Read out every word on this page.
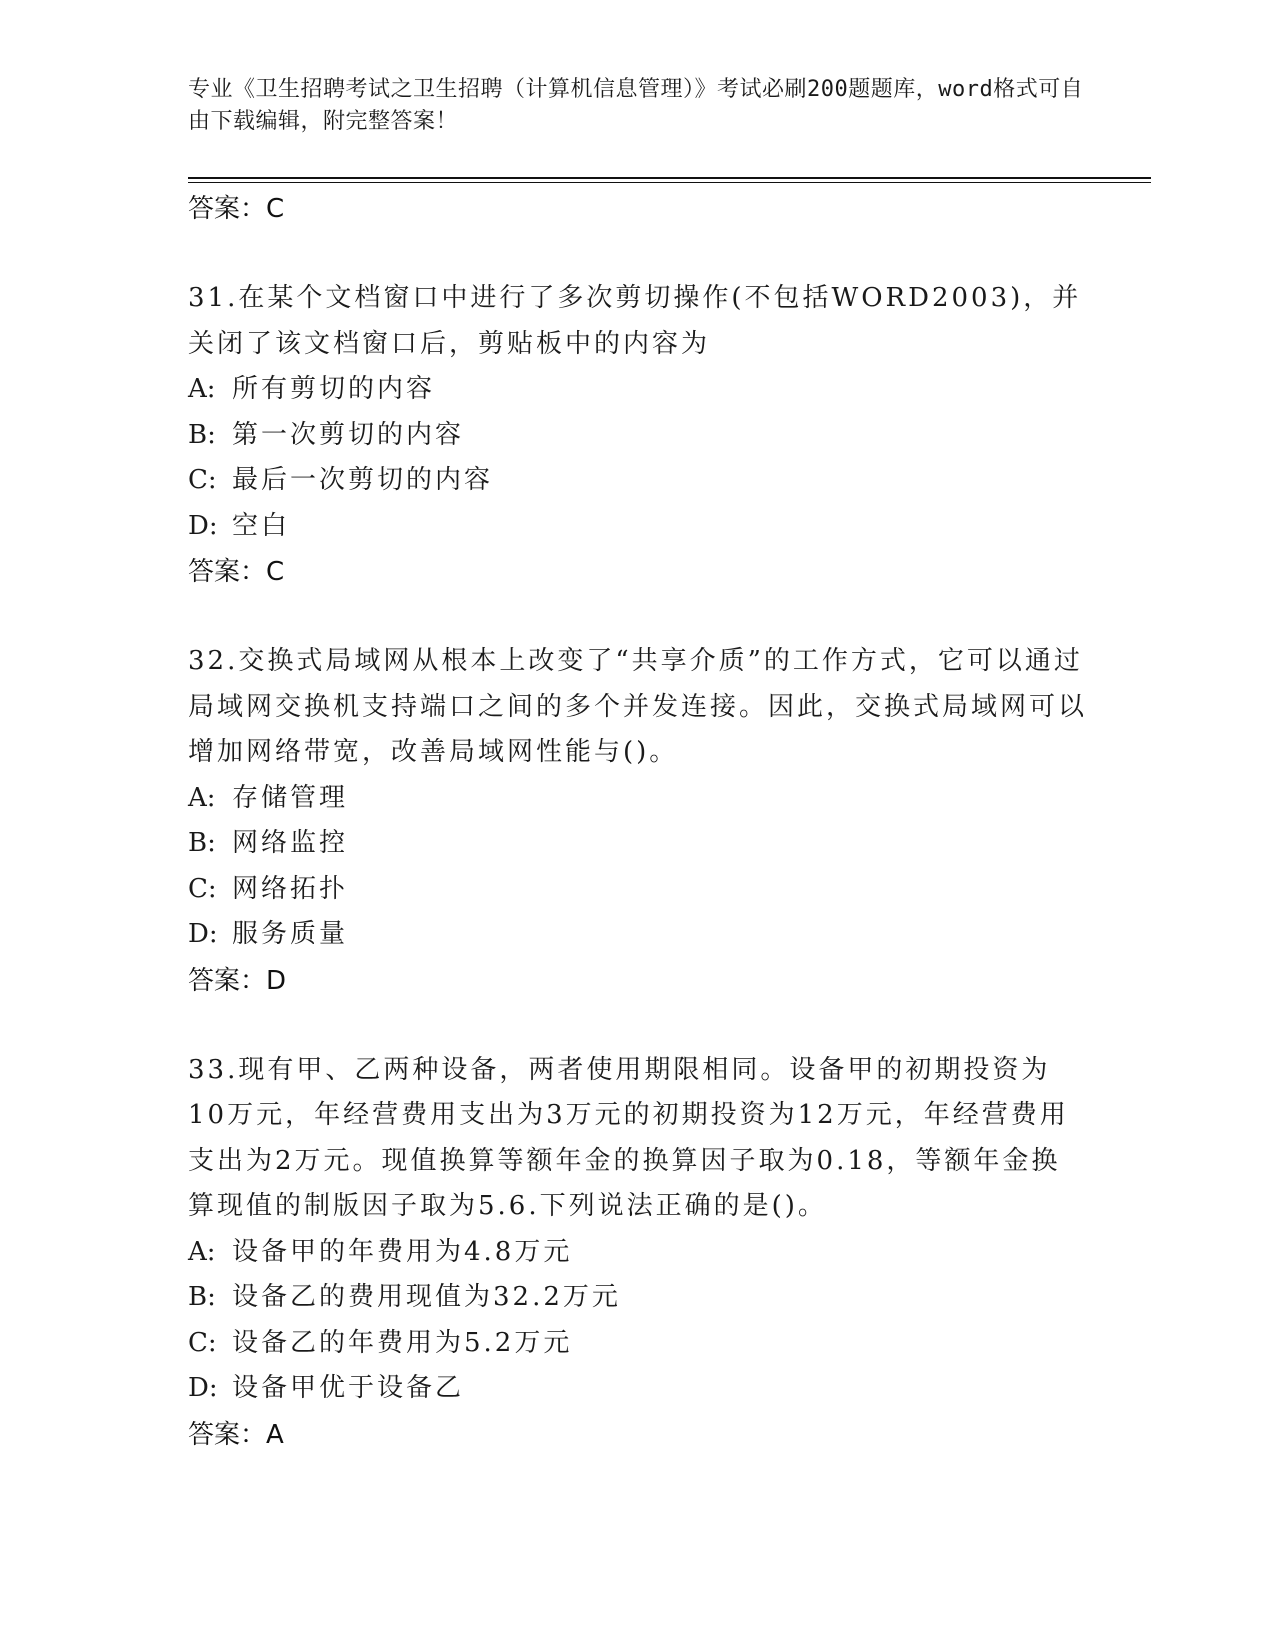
专业《卫生招聘考试之卫生招聘（计算机信息管理）》考试必刷200题题库，word格式可自由下载编辑，附完整答案！

答案：C

31.在某个文档窗口中进行了多次剪切操作(不包括WORD2003)，并关闭了该文档窗口后，剪贴板中的内容为

A: 所有剪切的内容

B: 第一次剪切的内容

C: 最后一次剪切的内容

D: 空白

答案：C

32.交换式局域网从根本上改变了“共享介质”的工作方式，它可以通过局域网交换机支持端口之间的多个并发连接。因此，交换式局域网可以增加网络带宽，改善局域网性能与()。

A: 存储管理

B: 网络监控

C: 网络拓扑

D: 服务质量

答案：D

33.现有甲、乙两种设备，两者使用期限相同。设备甲的初期投资为10万元，年经营费用支出为3万元的初期投资为12万元，年经营费用支出为2万元。现值换算等额年金的换算因子取为0.18，等额年金换算现值的制版因子取为5.6.下列说法正确的是()。

A: 设备甲的年费用为4.8万元

B: 设备乙的费用现值为32.2万元

C: 设备乙的年费用为5.2万元

D: 设备甲优于设备乙

答案：A
